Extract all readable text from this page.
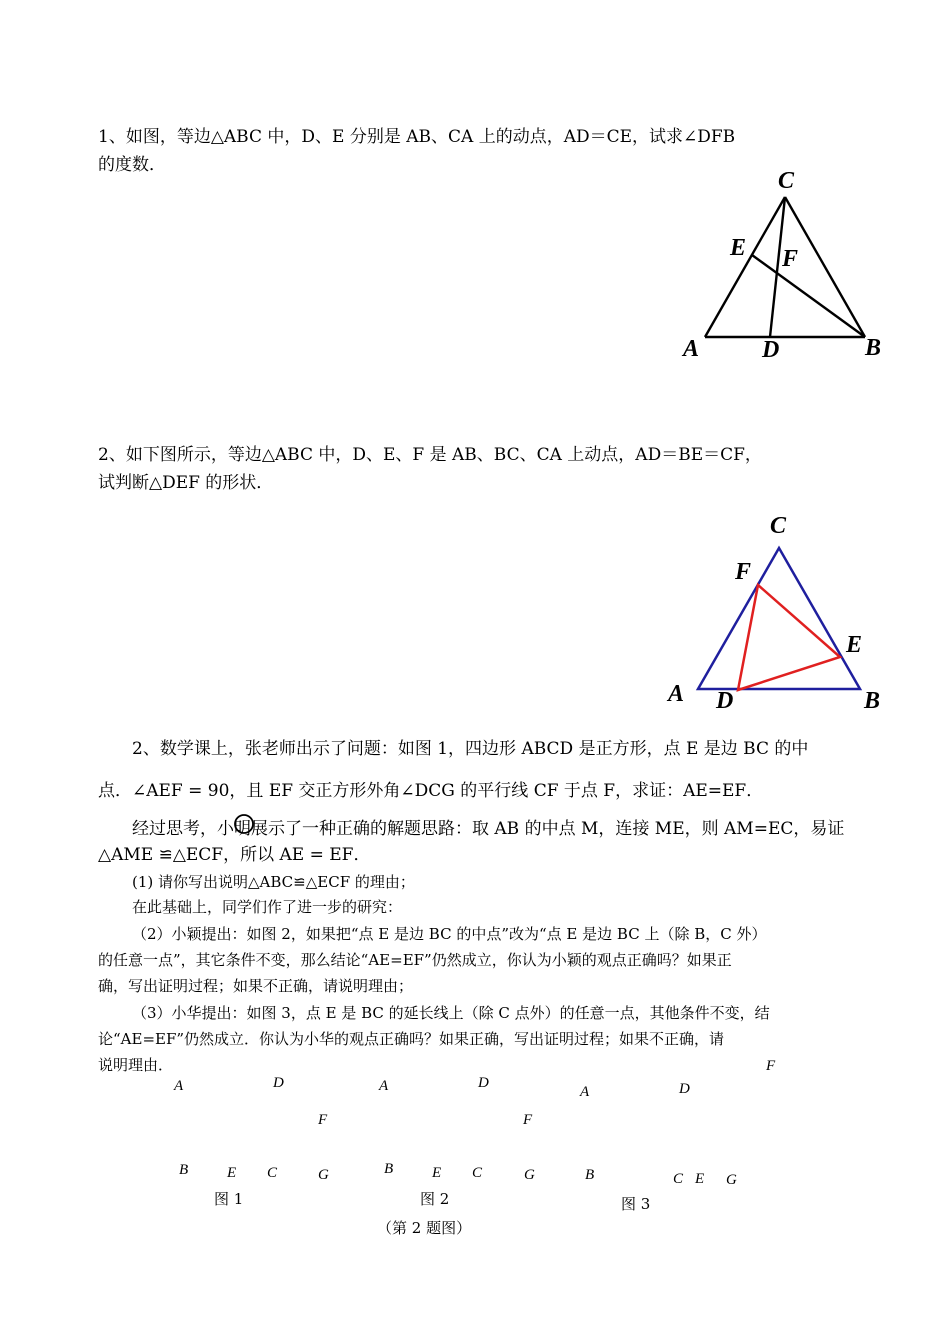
1、如图，等边△ABC 中，D、E 分别是 AB、CA 上的动点，AD＝CE，试求∠DFB
的度数．
C
E F
A	D	B
2、如下图所示，等边△ABC 中，D、E、F 是 AB、BC、CA 上动点，AD＝BE＝CF，
试判断△DEF 的形状．
C
F
E
A D	B
2、数学课上，张老师出示了问题：如图 1，四边形 ABCD 是正方形，点 E 是边 BC 的中
点．∠AEF = 90，且 EF 交正方形外角∠DCG 的平行线 CF 于点 F，求证：AE=EF．
经过思考，小明展示了一种正确的解题思路：取 AB 的中点 M，连接 ME，则 AM=EC，易证
△AME ≌△ECF，所以 AE = EF．
(1) 请你写出说明△ABC≌△ECF 的理由；
在此基础上，同学们作了进一步的研究：
（2）小颖提出：如图 2，如果把“点 E 是边 BC 的中点”改为“点 E 是边 BC 上（除 B，C 外）
的任意一点”，其它条件不变，那么结论“AE=EF”仍然成立，你认为小颖的观点正确吗？如果正
确，写出证明过程；如果不正确，请说明理由；
（3）小华提出：如图 3，点 E 是 BC 的延长线上（除 C 点外）的任意一点，其他条件不变，结
论“AE=EF”仍然成立．你认为小华的观点正确吗？如果正确，写出证明过程；如果不正确，请
说明理由．
A	D
F
B	E C	G
图 1
A	D
F
B	E C	G
图 2
F
A	D
B	C E G
图 3
（第 2 题图）
